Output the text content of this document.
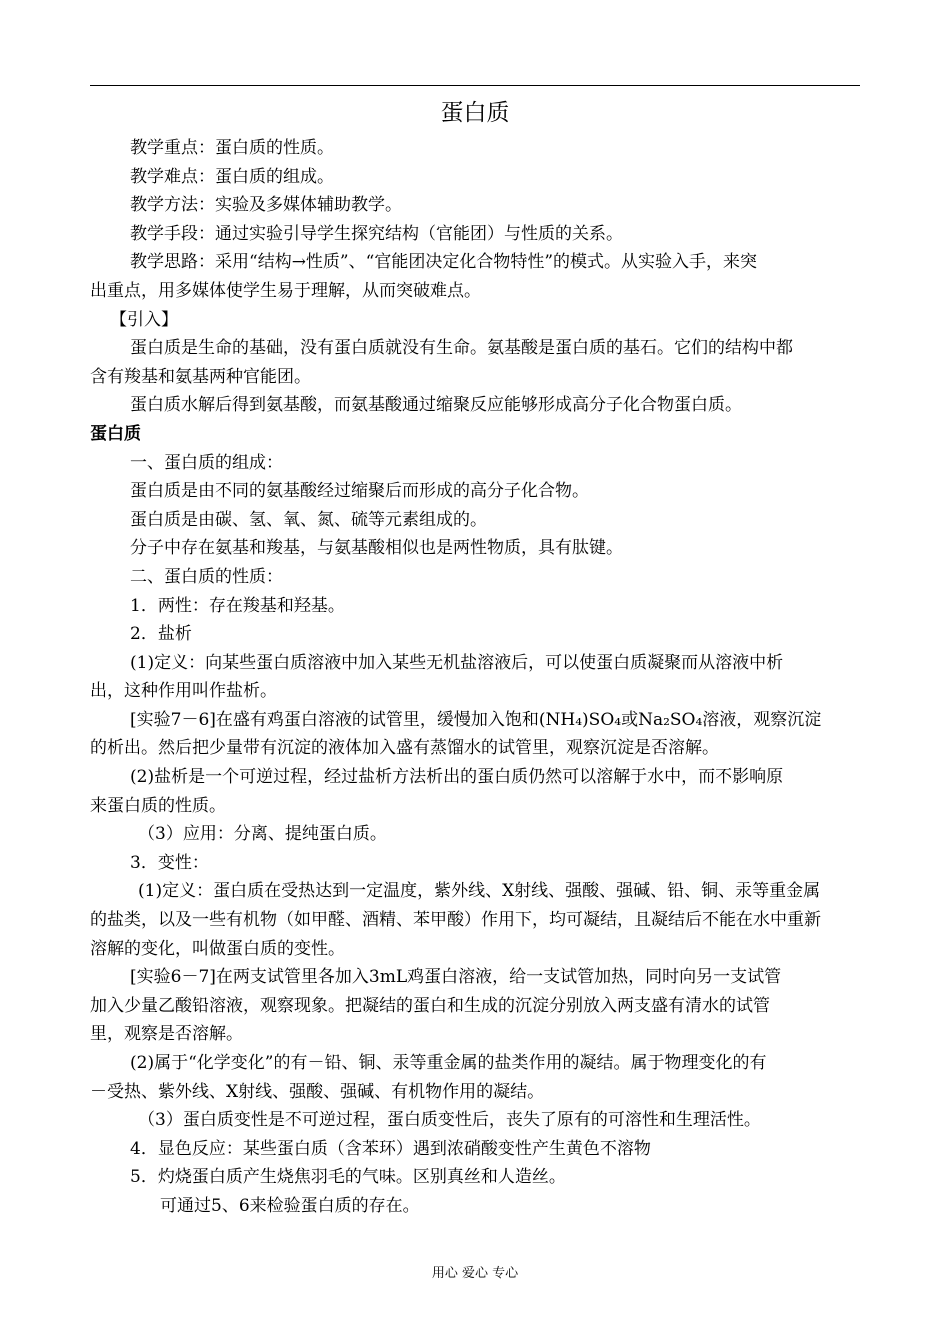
蛋白质

教学重点：蛋白质的性质。

教学难点：蛋白质的组成。

教学方法：实验及多媒体辅助教学。

教学手段：通过实验引导学生探究结构（官能团）与性质的关系。

教学思路：采用“结构→性质”、“官能团决定化合物特性”的模式。从实验入手，来突

出重点，用多媒体使学生易于理解，从而突破难点。

【引入】

蛋白质是生命的基础，没有蛋白质就没有生命。氨基酸是蛋白质的基石。它们的结构中都

含有羧基和氨基两种官能团。

蛋白质水解后得到氨基酸，而氨基酸通过缩聚反应能够形成高分子化合物蛋白质。

蛋白质

一、蛋白质的组成：

蛋白质是由不同的氨基酸经过缩聚后而形成的高分子化合物。

蛋白质是由碳、氢、氧、氮、硫等元素组成的。

分子中存在氨基和羧基，与氨基酸相似也是两性物质，具有肽键。

二、蛋白质的性质：

1．两性：存在羧基和羟基。

2．盐析

(1)定义：向某些蛋白质溶液中加入某些无机盐溶液后，可以使蛋白质凝聚而从溶液中析

出，这种作用叫作盐析。

[实验7－6]在盛有鸡蛋白溶液的试管里，缓慢加入饱和(NH₄)SO₄或Na₂SO₄溶液，观察沉淀

的析出。然后把少量带有沉淀的液体加入盛有蒸馏水的试管里，观察沉淀是否溶解。

(2)盐析是一个可逆过程，经过盐析方法析出的蛋白质仍然可以溶解于水中，而不影响原

来蛋白质的性质。

（3）应用：分离、提纯蛋白质。

3．变性：

(1)定义：蛋白质在受热达到一定温度，紫外线、X射线、强酸、强碱、铅、铜、汞等重金属

的盐类，以及一些有机物（如甲醛、酒精、苯甲酸）作用下，均可凝结，且凝结后不能在水中重新

溶解的变化，叫做蛋白质的变性。

[实验6－7]在两支试管里各加入3mL鸡蛋白溶液，给一支试管加热，同时向另一支试管

加入少量乙酸铅溶液，观察现象。把凝结的蛋白和生成的沉淀分别放入两支盛有清水的试管

里，观察是否溶解。

(2)属于“化学变化”的有－铅、铜、汞等重金属的盐类作用的凝结。属于物理变化的有

－受热、紫外线、X射线、强酸、强碱、有机物作用的凝结。

（3）蛋白质变性是不可逆过程，蛋白质变性后，丧失了原有的可溶性和生理活性。

4．显色反应：某些蛋白质（含苯环）遇到浓硝酸变性产生黄色不溶物

5．灼烧蛋白质产生烧焦羽毛的气味。区别真丝和人造丝。

可通过5、6来检验蛋白质的存在。

用心 爱心 专心
